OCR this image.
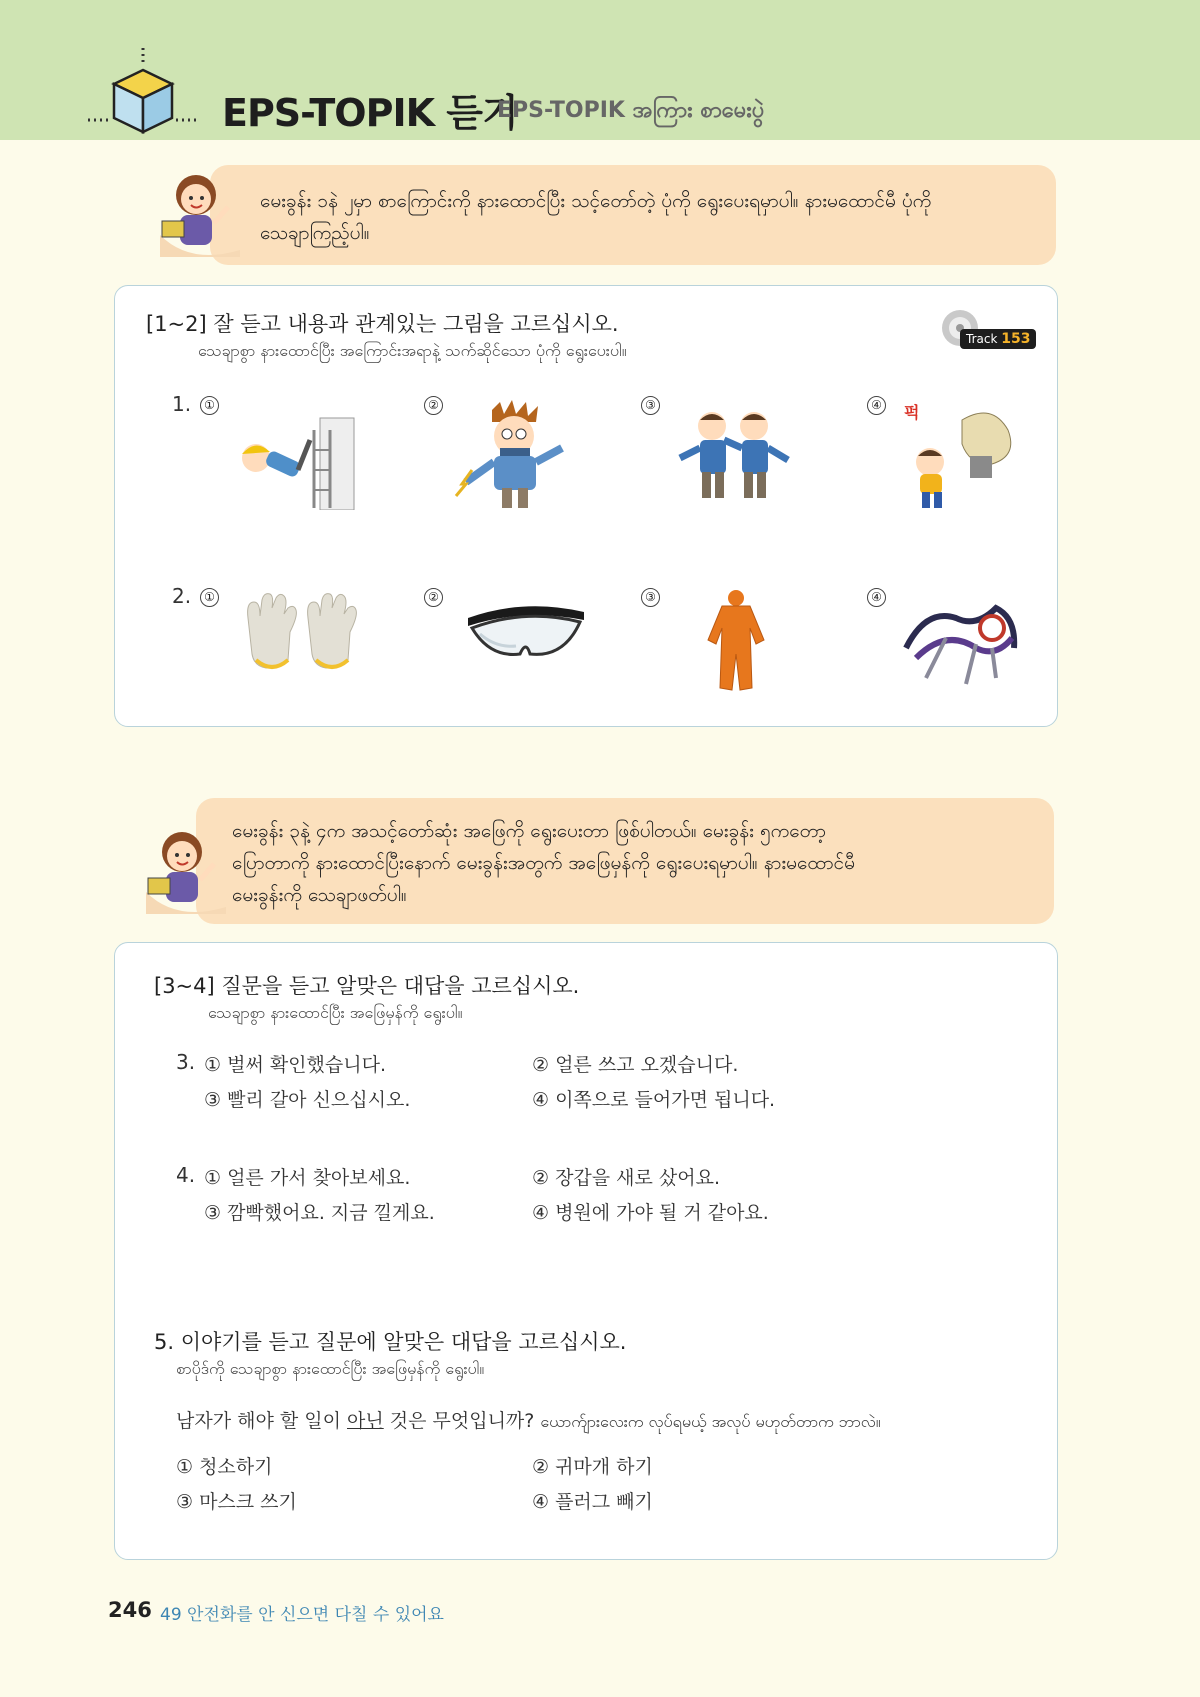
EPS-TOPIK 듣기
EPS-TOPIK အကြား စာမေးပွဲ
မေးခွန်း ၁နဲ ၂မှာ စာကြောင်းကို နားထောင်ပြီး သင့်တော်တဲ့ ပုံကို ရွေးပေးရမှာပါ။ နားမထောင်မီ ပုံကို
သေချာကြည့်ပါ။
[1~2] 잘 듣고 내용과 관계있는 그림을 고르십시오.
သေချာစွာ နားထောင်ပြီး အကြောင်းအရာနဲ့ သက်ဆိုင်သော ပုံကို ရွေးပေးပါ။
Track 153
1.	①	②	③	④ 퍽
2.	①	②	③	④
မေးခွန်း ၃နဲ့ ၄က အသင့်တော်ဆုံး အဖြေကို ရွေးပေးတာ ဖြစ်ပါတယ်။ မေးခွန်း ၅ကတော့
ပြောတာကို နားထောင်ပြီးနောက် မေးခွန်းအတွက် အဖြေမှန်ကို ရွေးပေးရမှာပါ။ နားမထောင်မီ
မေးခွန်းကို သေချာဖတ်ပါ။
[3~4] 질문을 듣고 알맞은 대답을 고르십시오.
သေချာစွာ နားထောင်ပြီး အဖြေမှန်ကို ရွေးပါ။
3. ① 벌써 확인했습니다.	② 얼른 쓰고 오겠습니다.
③ 빨리 갈아 신으십시오.	④ 이쪽으로 들어가면 됩니다.
4. ① 얼른 가서 찾아보세요.	② 장갑을 새로 샀어요.
③ 깜빡했어요. 지금 낄게요.	④ 병원에 가야 될 거 같아요.
5. 이야기를 듣고 질문에 알맞은 대답을 고르십시오.
စာပိုဒ်ကို သေချာစွာ နားထောင်ပြီး အဖြေမှန်ကို ရွေးပါ။
남자가 해야 할 일이 아닌 것은 무엇입니까? ယောက်ျားလေးက လုပ်ရမယ့် အလုပ် မဟုတ်တာက ဘာလဲ။
① 청소하기	② 귀마개 하기
③ 마스크 쓰기	④ 플러그 빼기
246 49 안전화를 안 신으면 다칠 수 있어요
